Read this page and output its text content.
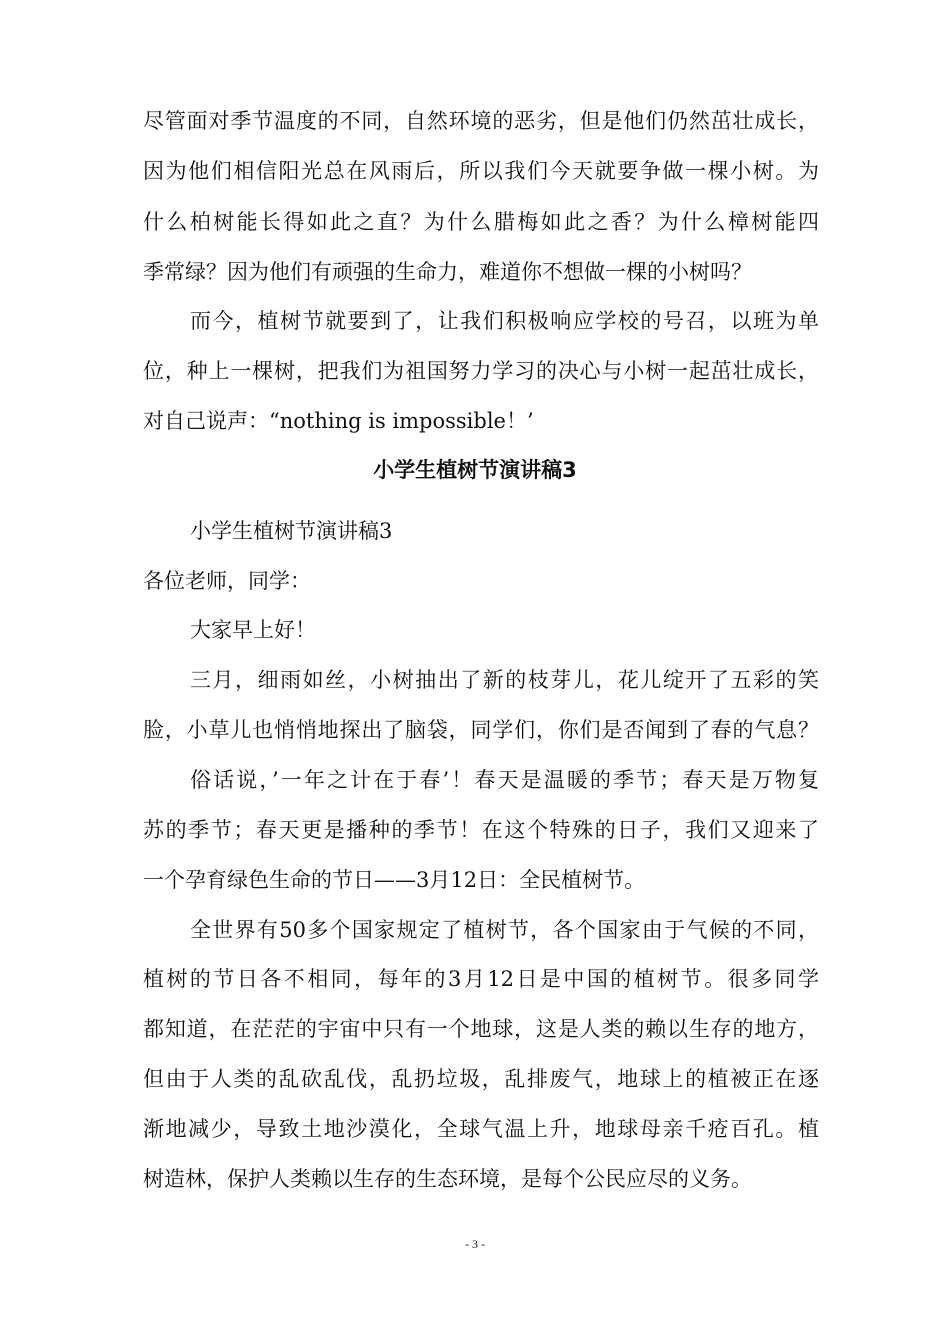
尽管面对季节温度的不同，自然环境的恶劣，但是他们仍然茁壮成长，
因为他们相信阳光总在风雨后，所以我们今天就要争做一棵小树。为
什么柏树能长得如此之直？为什么腊梅如此之香？为什么樟树能四
季常绿？因为他们有顽强的生命力，难道你不想做一棵的小树吗？
而今，植树节就要到了，让我们积极响应学校的号召，以班为单
位，种上一棵树，把我们为祖国努力学习的决心与小树一起茁壮成长，
对自己说声：“nothing is impossible！’
小学生植树节演讲稿3
小学生植树节演讲稿3
各位老师，同学：
大家早上好！
三月，细雨如丝，小树抽出了新的枝芽儿，花儿绽开了五彩的笑
脸，小草儿也悄悄地探出了脑袋，同学们，你们是否闻到了春的气息？
俗话说，’一年之计在于春’！春天是温暖的季节；春天是万物复
苏的季节；春天更是播种的季节！在这个特殊的日子，我们又迎来了
一个孕育绿色生命的节日——3月12日：全民植树节。
全世界有50多个国家规定了植树节，各个国家由于气候的不同，
植树的节日各不相同，每年的3月12日是中国的植树节。很多同学
都知道，在茫茫的宇宙中只有一个地球，这是人类的赖以生存的地方，
但由于人类的乱砍乱伐，乱扔垃圾，乱排废气，地球上的植被正在逐
渐地减少，导致土地沙漠化，全球气温上升，地球母亲千疮百孔。植
树造林，保护人类赖以生存的生态环境，是每个公民应尽的义务。
- 3 -
